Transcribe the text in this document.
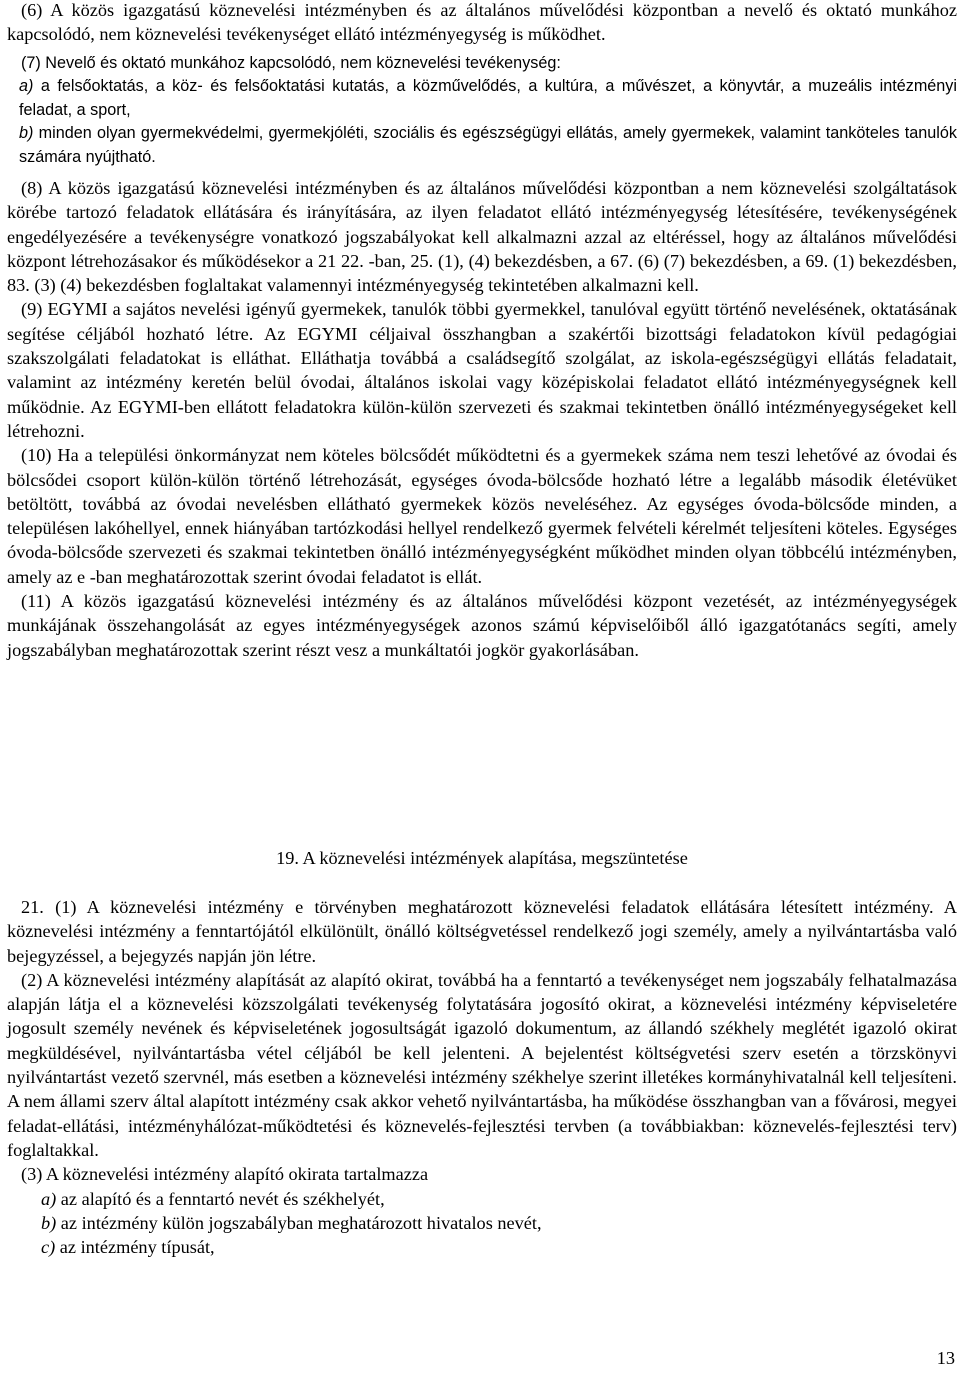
(6) A közös igazgatású köznevelési intézményben és az általános művelődési központban a nevelő és oktató munkához kapcsolódó, nem köznevelési tevékenységet ellátó intézményegység is működhet.

(7) Nevelő és oktató munkához kapcsolódó, nem köznevelési tevékenység:

a) a felsőoktatás, a köz- és felsőoktatási kutatás, a közművelődés, a kultúra, a művészet, a könyvtár, a muzeális intézményi feladat, a sport,

b) minden olyan gyermekvédelmi, gyermekjóléti, szociális és egészségügyi ellátás, amely gyermekek, valamint tanköteles tanulók számára nyújtható.

(8) A közös igazgatású köznevelési intézményben és az általános művelődési központban a nem köznevelési szolgáltatások körébe tartozó feladatok ellátására és irányítására, az ilyen feladatot ellátó intézményegység létesítésére, tevékenységének engedélyezésére a tevékenységre vonatkozó jogszabályokat kell alkalmazni azzal az eltéréssel, hogy az általános művelődési központ létrehozásakor és működésekor a 21 22. -ban, 25. (1), (4) bekezdésben, a 67. (6) (7) bekezdésben, a 69. (1) bekezdésben, 83. (3) (4) bekezdésben foglaltakat valamennyi intézményegység tekintetében alkalmazni kell.

(9) EGYMI a sajátos nevelési igényű gyermekek, tanulók többi gyermekkel, tanulóval együtt történő nevelésének, oktatásának segítése céljából hozható létre. Az EGYMI céljaival összhangban a szakértői bizottsági feladatokon kívül pedagógiai szakszolgálati feladatokat is elláthat. Elláthatja továbbá a családsegítő szolgálat, az iskola-egészségügyi ellátás feladatait, valamint az intézmény keretén belül óvodai, általános iskolai vagy középiskolai feladatot ellátó intézményegységnek kell működnie. Az EGYMI-ben ellátott feladatokra külön-külön szervezeti és szakmai tekintetben önálló intézményegységeket kell létrehozni.

(10) Ha a települési önkormányzat nem köteles bölcsődét működtetni és a gyermekek száma nem teszi lehetővé az óvodai és bölcsődei csoport külön-külön történő létrehozását, egységes óvoda-bölcsőde hozható létre a legalább második életévüket betöltött, továbbá az óvodai nevelésben ellátható gyermekek közös neveléséhez. Az egységes óvoda-bölcsőde minden, a településen lakóhellyel, ennek hiányában tartózkodási hellyel rendelkező gyermek felvételi kérelmét teljesíteni köteles. Egységes óvoda-bölcsőde szervezeti és szakmai tekintetben önálló intézményegységként működhet minden olyan többcélú intézményben, amely az e -ban meghatározottak szerint óvodai feladatot is ellát.

(11) A közös igazgatású köznevelési intézmény és az általános művelődési központ vezetését, az intézményegységek munkájának összehangolását az egyes intézményegységek azonos számú képviselőiből álló igazgatótanács segíti, amely jogszabályban meghatározottak szerint részt vesz a munkáltatói jogkör gyakorlásában.

19. A köznevelési intézmények alapítása, megszüntetése

21. (1) A köznevelési intézmény e törvényben meghatározott köznevelési feladatok ellátására létesített intézmény. A köznevelési intézmény a fenntartójától elkülönült, önálló költségvetéssel rendelkező jogi személy, amely a nyilvántartásba való bejegyzéssel, a bejegyzés napján jön létre.

(2) A köznevelési intézmény alapítását az alapító okirat, továbbá ha a fenntartó a tevékenységet nem jogszabály felhatalmazása alapján látja el a köznevelési közszolgálati tevékenység folytatására jogosító okirat, a köznevelési intézmény képviseletére jogosult személy nevének és képviseletének jogosultságát igazoló dokumentum, az állandó székhely meglétét igazoló okirat megküldésével, nyilvántartásba vétel céljából be kell jelenteni. A bejelentést költségvetési szerv esetén a törzskönyvi nyilvántartást vezető szervnél, más esetben a köznevelési intézmény székhelye szerint illetékes kormányhivatalnál kell teljesíteni. A nem állami szerv által alapított intézmény csak akkor vehető nyilvántartásba, ha működése összhangban van a fővárosi, megyei feladat-ellátási, intézményhálózat-működtetési és köznevelés-fejlesztési tervben (a továbbiakban: köznevelés-fejlesztési terv) foglaltakkal.

(3) A köznevelési intézmény alapító okirata tartalmazza

a) az alapító és a fenntartó nevét és székhelyét,

b) az intézmény külön jogszabályban meghatározott hivatalos nevét,

c) az intézmény típusát,

13
